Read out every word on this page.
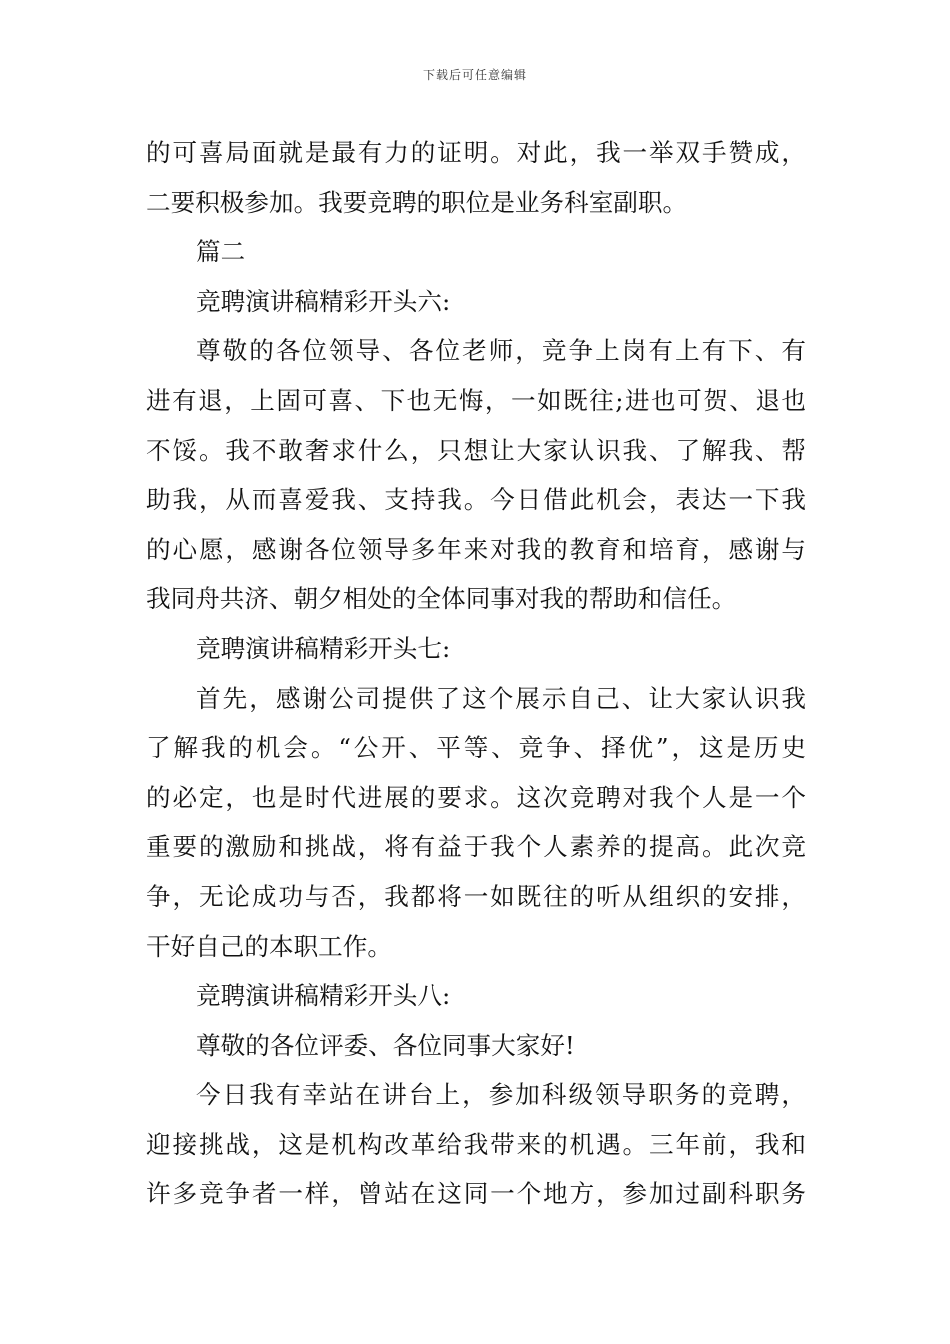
下载后可任意编辑
的可喜局面就是最有力的证明。对此，我一举双手赞成，
二要积极参加。我要竞聘的职位是业务科室副职。
篇二
竞聘演讲稿精彩开头六:
尊敬的各位领导、各位老师，竞争上岗有上有下、有
进有退，上固可喜、下也无悔，一如既往;进也可贺、退也
不馁。我不敢奢求什么，只想让大家认识我、了解我、帮
助我，从而喜爱我、支持我。今日借此机会，表达一下我
的心愿，感谢各位领导多年来对我的教育和培育，感谢与
我同舟共济、朝夕相处的全体同事对我的帮助和信任。
竞聘演讲稿精彩开头七:
首先，感谢公司提供了这个展示自己、让大家认识我
了解我的机会。“公开、平等、竞争、择优”，这是历史
的必定，也是时代进展的要求。这次竞聘对我个人是一个
重要的激励和挑战，将有益于我个人素养的提高。此次竞
争，无论成功与否，我都将一如既往的听从组织的安排，
干好自己的本职工作。
竞聘演讲稿精彩开头八:
尊敬的各位评委、各位同事大家好!
今日我有幸站在讲台上，参加科级领导职务的竞聘，
迎接挑战，这是机构改革给我带来的机遇。三年前，我和
许多竞争者一样，曾站在这同一个地方，参加过副科职务
